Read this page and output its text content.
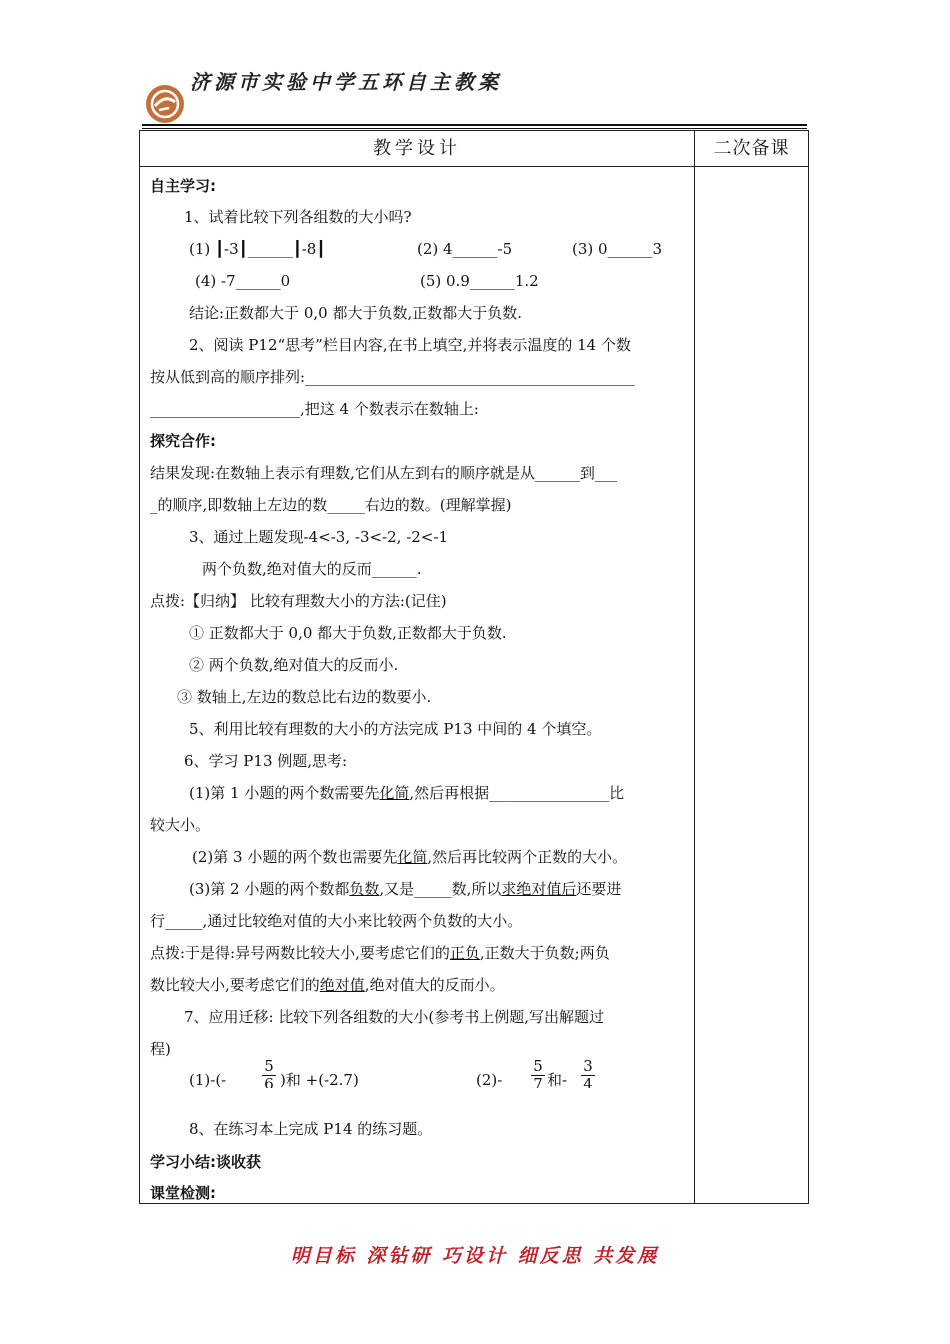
济源市实验中学五环自主教案
教学设计	二次备课
自主学习:
1、试着比较下列各组数的大小吗?
(1) ┃-3┃______┃-8┃	(2) 4______-5	(3) 0______3
(4) -7______0	(5) 0.9______1.2
结论:正数都大于 0,0 都大于负数,正数都大于负数.
2、阅读 P12“思考”栏目内容,在书上填空,并将表示温度的 14 个数
按从低到高的顺序排列:____________________________________________
____________________,把这 4 个数表示在数轴上:
探究合作:
结果发现:在数轴上表示有理数,它们从左到右的顺序就是从______到___
_的顺序,即数轴上左边的数_____右边的数。(理解掌握)
3、通过上题发现-4<-3, -3<-2, -2<-1
两个负数,绝对值大的反而______.
点拨:【归纳】 比较有理数大小的方法:(记住)
① 正数都大于 0,0 都大于负数,正数都大于负数.
② 两个负数,绝对值大的反而小.
③ 数轴上,左边的数总比右边的数要小.
5、利用比较有理数的大小的方法完成 P13 中间的 4 个填空。
6、学习 P13 例题,思考:
(1)第 1 小题的两个数需要先化简,然后再根据________________比
较大小。
(2)第 3 小题的两个数也需要先化简,然后再比较两个正数的大小。
(3)第 2 小题的两个数都负数,又是_____数,所以求绝对值后还要进
行_____,通过比较绝对值的大小来比较两个负数的大小。
点拨:于是得:异号两数比较大小,要考虑它们的正负,正数大于负数;两负
数比较大小,要考虑它们的绝对值,绝对值大的反而小。
7、应用迁移: 比较下列各组数的大小(参考书上例题,写出解题过
程)
(1)-(-
5
6 )和 +(-2.7)	(2)-
5
7 和-
3
4
8、在练习本上完成 P14 的练习题。
学习小结:谈收获
课堂检测:
明目标 深钻研 巧设计 细反思 共发展
